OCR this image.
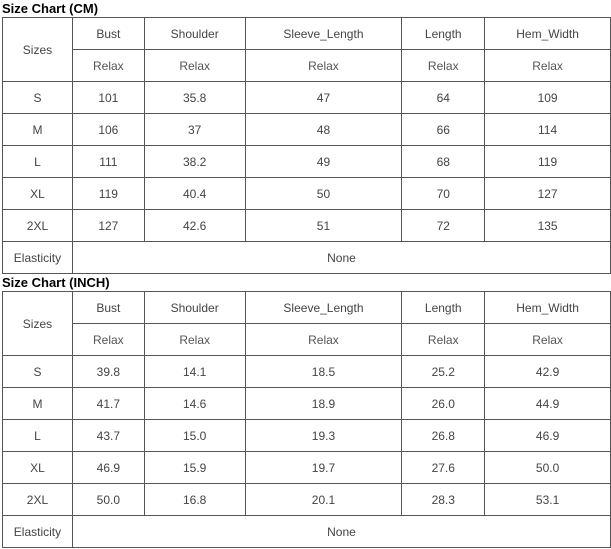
Size Chart (CM)
Sizes	Bust	Shoulder	Sleeve_Length	Length	Hem_Width
	Relax	Relax	Relax	Relax	Relax
S	101	35.8	47	64	109
M	106	37	48	66	114
L	111	38.2	49	68	119
XL	119	40.4	50	70	127
2XL	127	42.6	51	72	135
Elasticity	None				
Size Chart (INCH)
Sizes	Bust	Shoulder	Sleeve_Length	Length	Hem_Width
	Relax	Relax	Relax	Relax	Relax
S	39.8	14.1	18.5	25.2	42.9
M	41.7	14.6	18.9	26.0	44.9
L	43.7	15.0	19.3	26.8	46.9
XL	46.9	15.9	19.7	27.6	50.0
2XL	50.0	16.8	20.1	28.3	53.1
Elasticity	None				
